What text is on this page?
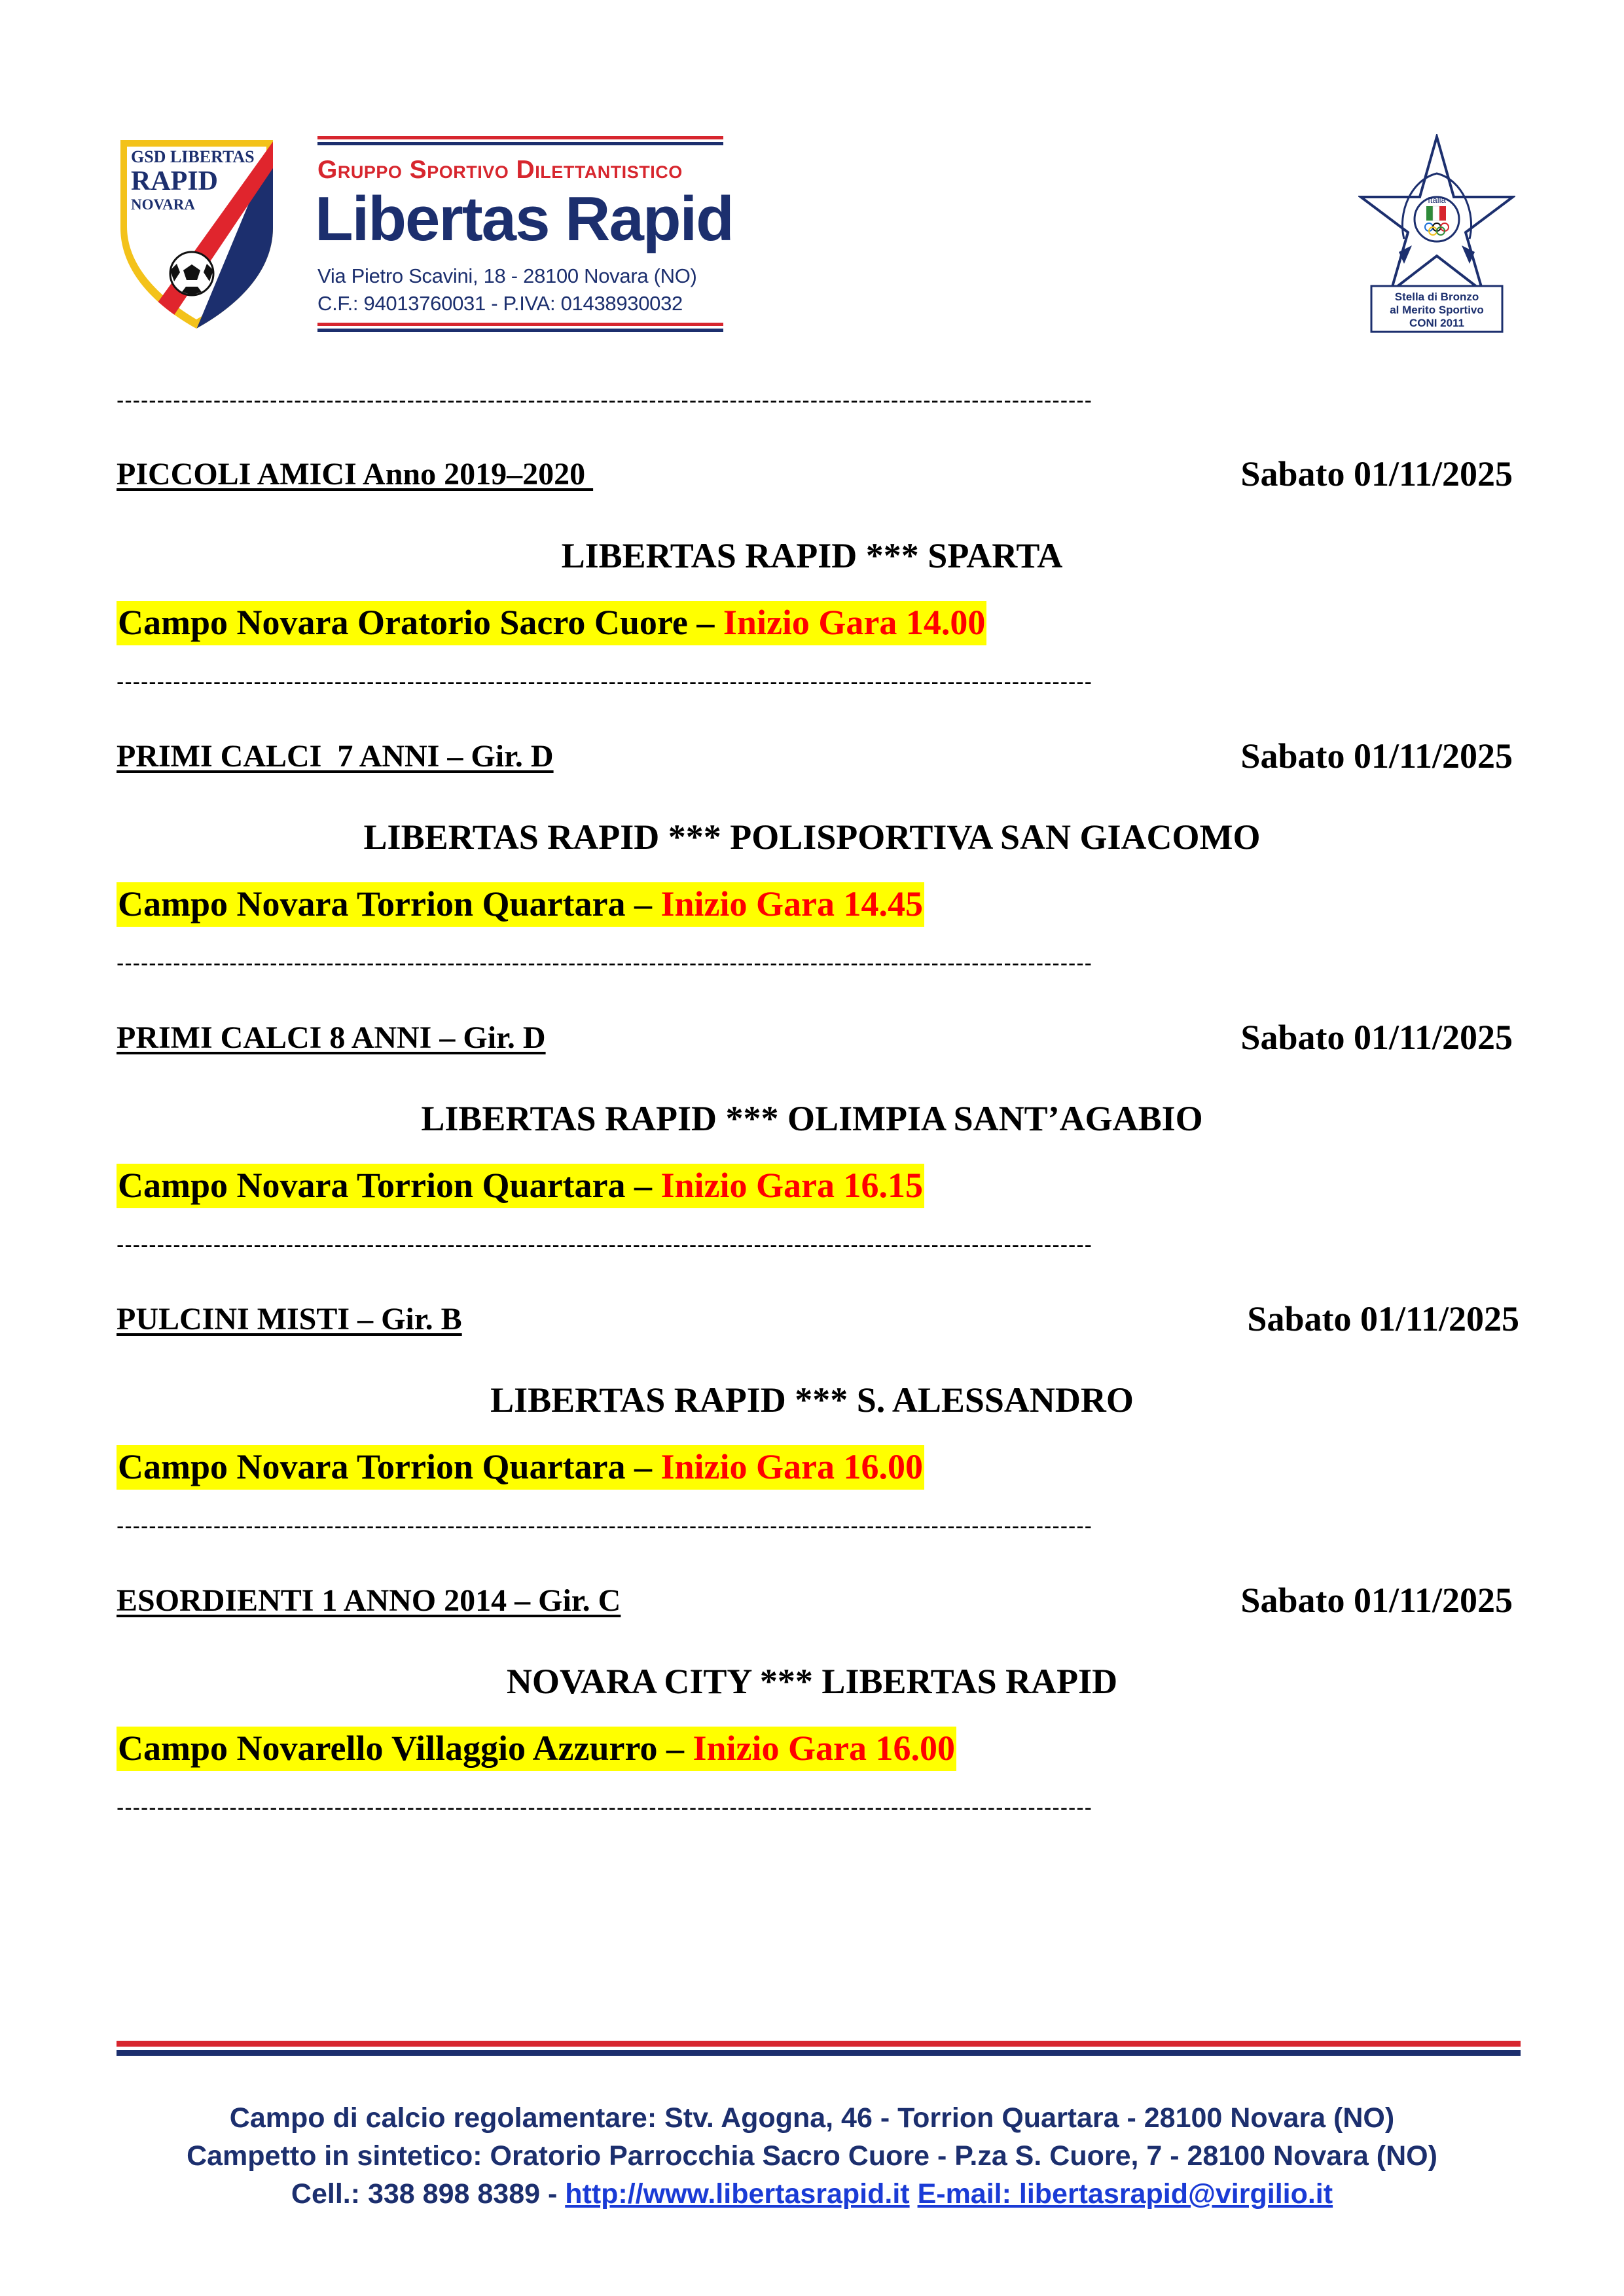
GSD LIBERTAS
RAPID
NOVARA
Gruppo Sportivo Dilettantistico
Libertas Rapid
Via Pietro Scavini, 18 - 28100 Novara (NO)
C.F.: 94013760031 - P.IVA: 01438930032
Italia
Stella di Bronzo
al Merito Sportivo
CONI 2011
-------------------------------------------------------------------------------------------------------------------------
PICCOLI AMICI Anno 2019–2020	Sabato 01/11/2025
LIBERTAS RAPID *** SPARTA
Campo Novara Oratorio Sacro Cuore – Inizio Gara 14.00
-------------------------------------------------------------------------------------------------------------------------
PRIMI CALCI  7 ANNI – Gir. D	Sabato 01/11/2025
LIBERTAS RAPID *** POLISPORTIVA SAN GIACOMO
Campo Novara Torrion Quartara – Inizio Gara 14.45
-------------------------------------------------------------------------------------------------------------------------
PRIMI CALCI 8 ANNI – Gir. D	Sabato 01/11/2025
LIBERTAS RAPID *** OLIMPIA SANT’AGABIO
Campo Novara Torrion Quartara – Inizio Gara 16.15
-------------------------------------------------------------------------------------------------------------------------
PULCINI MISTI – Gir. B	Sabato 01/11/2025
LIBERTAS RAPID *** S. ALESSANDRO
Campo Novara Torrion Quartara – Inizio Gara 16.00
-------------------------------------------------------------------------------------------------------------------------
ESORDIENTI 1 ANNO 2014 – Gir. C	Sabato 01/11/2025
NOVARA CITY *** LIBERTAS RAPID
Campo Novarello Villaggio Azzurro – Inizio Gara 16.00
-------------------------------------------------------------------------------------------------------------------------
Campo di calcio regolamentare: Stv. Agogna, 46 - Torrion Quartara - 28100 Novara (NO)
Campetto in sintetico: Oratorio Parrocchia Sacro Cuore - P.za S. Cuore, 7 - 28100 Novara (NO)
Cell.: 338 898 8389 - http://www.libertasrapid.it E-mail: libertasrapid@virgilio.it
